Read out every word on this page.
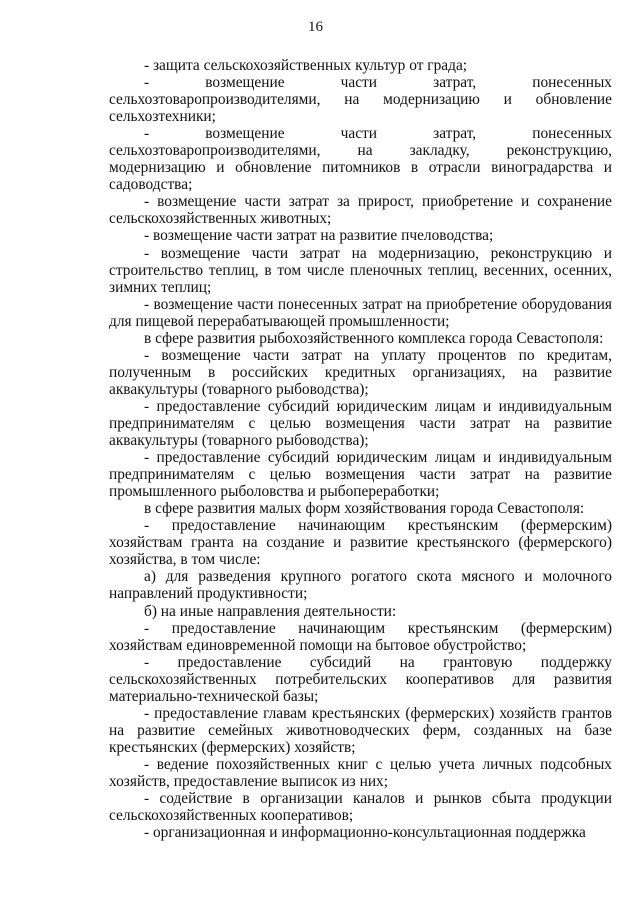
16

- защита сельскохозяйственных культур от града;

- возмещение части затрат, понесенных сельхозтоваропроизводителями, на модернизацию и обновление сельхозтехники;

- возмещение части затрат, понесенных сельхозтоваропроизводителями, на закладку, реконструкцию, модернизацию и обновление питомников в отрасли виноградарства и садоводства;

- возмещение части затрат за прирост, приобретение и сохранение сельскохозяйственных животных;

- возмещение части затрат на развитие пчеловодства;

- возмещение части затрат на модернизацию, реконструкцию и строительство теплиц, в том числе пленочных теплиц, весенних, осенних, зимних теплиц;

- возмещение части понесенных затрат на приобретение оборудования для пищевой перерабатывающей промышленности;

в сфере развития рыбохозяйственного комплекса города Севастополя:

- возмещение части затрат на уплату процентов по кредитам, полученным в российских кредитных организациях, на развитие аквакультуры (товарного рыбоводства);

- предоставление субсидий юридическим лицам и индивидуальным предпринимателям с целью возмещения части затрат на развитие аквакультуры (товарного рыбоводства);

- предоставление субсидий юридическим лицам и индивидуальным предпринимателям с целью возмещения части затрат на развитие промышленного рыболовства и рыбопереработки;

в сфере развития малых форм хозяйствования города Севастополя:

- предоставление начинающим крестьянским (фермерским) хозяйствам гранта на создание и развитие крестьянского (фермерского) хозяйства, в том числе:

а) для разведения крупного рогатого скота мясного и молочного направлений продуктивности;

б) на иные направления деятельности:

- предоставление начинающим крестьянским (фермерским) хозяйствам единовременной помощи на бытовое обустройство;

- предоставление субсидий на грантовую поддержку сельскохозяйственных потребительских кооперативов для развития материально-технической базы;

- предоставление главам крестьянских (фермерских) хозяйств грантов на развитие семейных животноводческих ферм, созданных на базе крестьянских (фермерских) хозяйств;

- ведение похозяйственных книг с целью учета личных подсобных хозяйств, предоставление выписок из них;

- содействие в организации каналов и рынков сбыта продукции сельскохозяйственных кооперативов;

- организационная и информационно-консультационная поддержка
